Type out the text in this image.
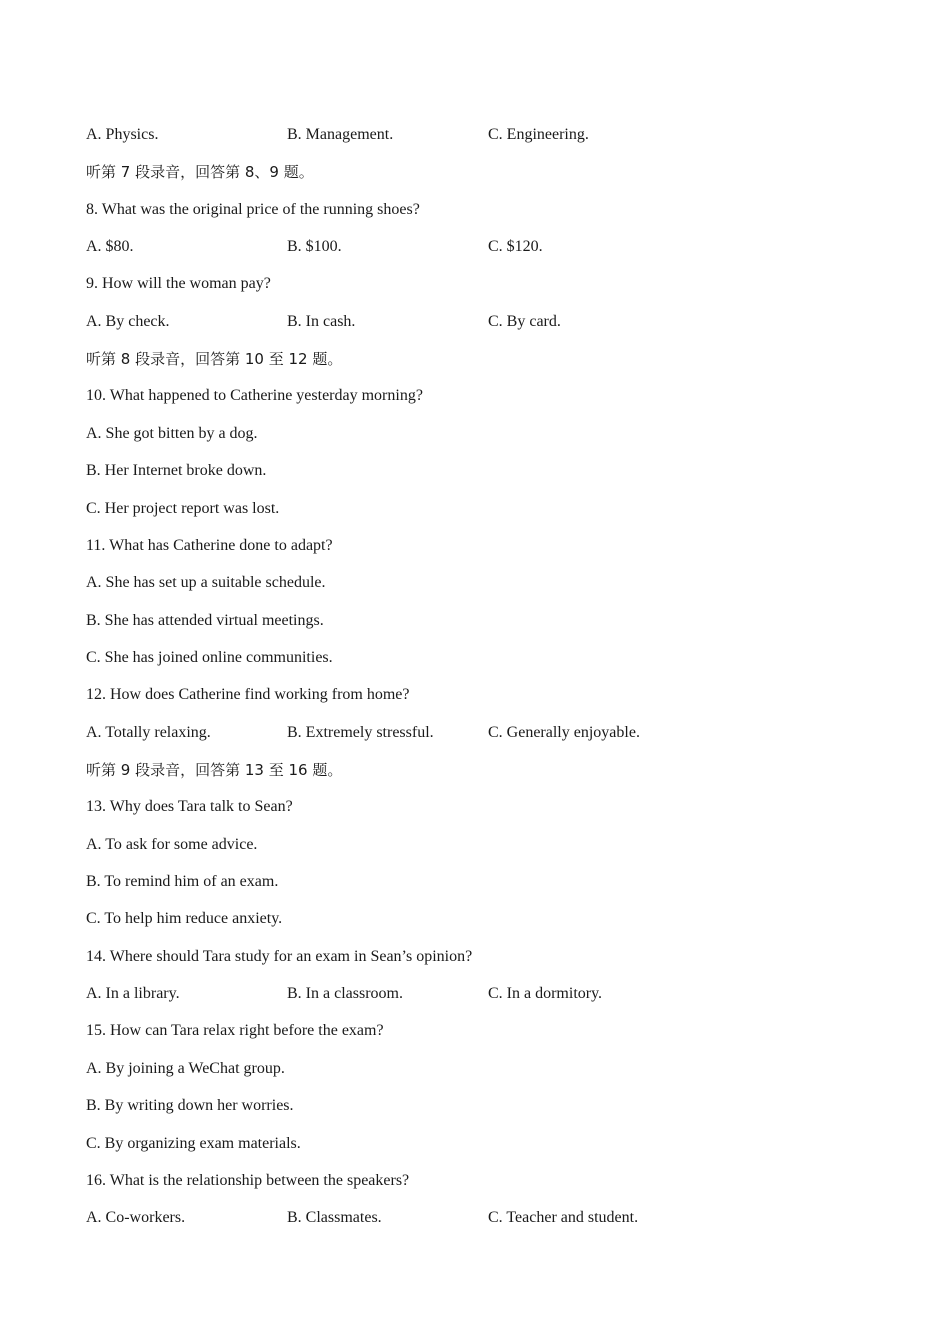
A. Physics.	B. Management.	C. Engineering.
听第 7 段录音，回答第 8、9 题。
8. What was the original price of the running shoes?
A. $80.	B. $100.	C. $120.
9. How will the woman pay?
A. By check.	B. In cash.	C. By card.
听第 8 段录音，回答第 10 至 12 题。
10. What happened to Catherine yesterday morning?
A. She got bitten by a dog.
B. Her Internet broke down.
C. Her project report was lost.
11. What has Catherine done to adapt?
A. She has set up a suitable schedule.
B. She has attended virtual meetings.
C. She has joined online communities.
12. How does Catherine find working from home?
A. Totally relaxing.	B. Extremely stressful.	C. Generally enjoyable.
听第 9 段录音，回答第 13 至 16 题。
13. Why does Tara talk to Sean?
A. To ask for some advice.
B. To remind him of an exam.
C. To help him reduce anxiety.
14. Where should Tara study for an exam in Sean’s opinion?
A. In a library.	B. In a classroom.	C. In a dormitory.
15. How can Tara relax right before the exam?
A. By joining a WeChat group.
B. By writing down her worries.
C. By organizing exam materials.
16. What is the relationship between the speakers?
A. Co-workers.	B. Classmates.	C. Teacher and student.
